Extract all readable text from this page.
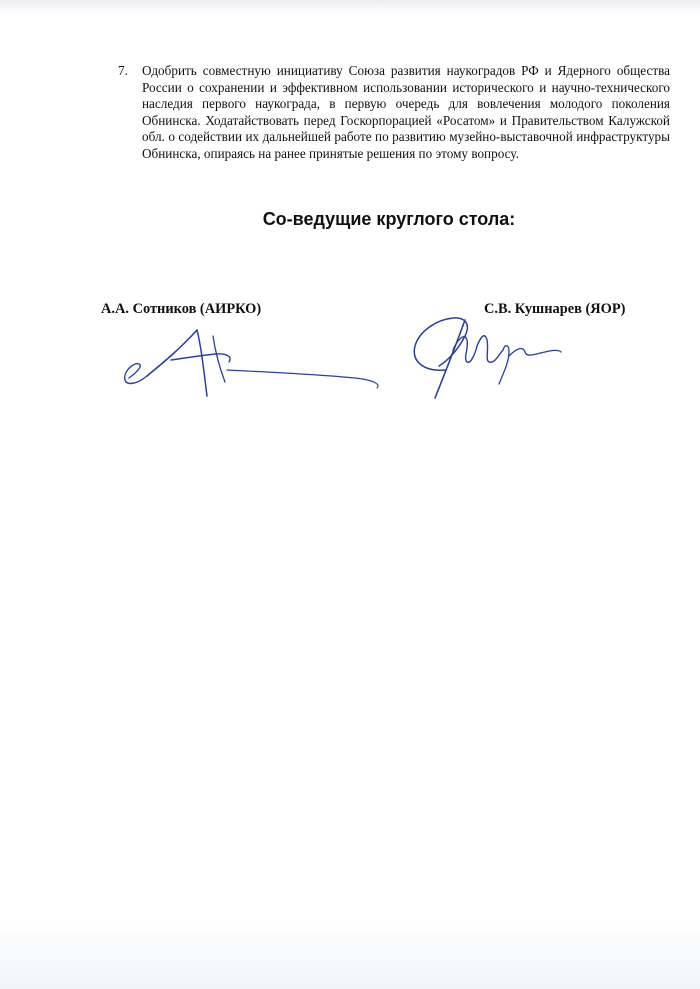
7. Одобрить совместную инициативу Союза развития наукоградов РФ и Ядерного общества России о сохранении и эффективном использовании исторического и научно-технического наследия первого наукограда, в первую очередь для вовлечения молодого поколения Обнинска. Ходатайствовать перед Госкорпорацией «Росатом» и Правительством Калужской обл. о содействии их дальнейшей работе по развитию музейно-выставочной инфраструктуры Обнинска, опираясь на ранее принятые решения по этому вопросу.

Со-ведущие круглого стола:
А.А. Сотников (АИРКО)	С.В. Кушнарев (ЯОР)
